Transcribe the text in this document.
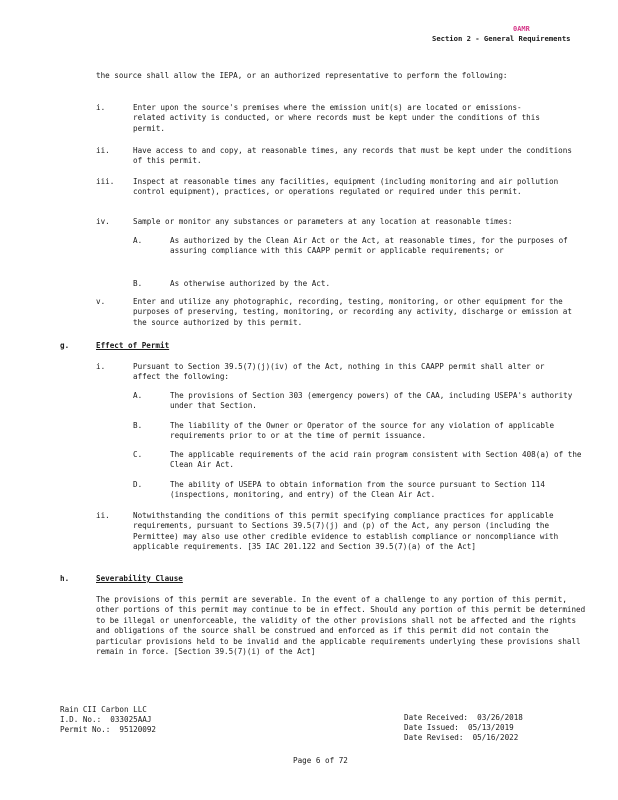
0AMR
Section 2 - General Requirements
the source shall allow the IEPA, or an authorized representative to perform the following:
i.	Enter upon the source's premises where the emission unit(s) are located or emissions-related activity is conducted, or where records must be kept under the conditions of this permit.
ii.	Have access to and copy, at reasonable times, any records that must be kept under the conditions of this permit.
iii. Inspect at reasonable times any facilities, equipment (including monitoring and air pollution control equipment), practices, or operations regulated or required under this permit.
iv.	Sample or monitor any substances or parameters at any location at reasonable times:
A.	As authorized by the Clean Air Act or the Act, at reasonable times, for the purposes of assuring compliance with this CAAPP permit or applicable requirements; or
B.	As otherwise authorized by the Act.
v.	Enter and utilize any photographic, recording, testing, monitoring, or other equipment for the purposes of preserving, testing, monitoring, or recording any activity, discharge or emission at the source authorized by this permit.
g.	Effect of Permit
i.	Pursuant to Section 39.5(7)(j)(iv) of the Act, nothing in this CAAPP permit shall alter or affect the following:
A.	The provisions of Section 303 (emergency powers) of the CAA, including USEPA's authority under that Section.
B.	The liability of the Owner or Operator of the source for any violation of applicable requirements prior to or at the time of permit issuance.
C.	The applicable requirements of the acid rain program consistent with Section 408(a) of the Clean Air Act.
D.	The ability of USEPA to obtain information from the source pursuant to Section 114 (inspections, monitoring, and entry) of the Clean Air Act.
ii.	Notwithstanding the conditions of this permit specifying compliance practices for applicable requirements, pursuant to Sections 39.5(7)(j) and (p) of the Act, any person (including the Permittee) may also use other credible evidence to establish compliance or noncompliance with applicable requirements. [35 IAC 201.122 and Section 39.5(7)(a) of the Act]
h.	Severability Clause
The provisions of this permit are severable. In the event of a challenge to any portion of this permit, other portions of this permit may continue to be in effect. Should any portion of this permit be determined to be illegal or unenforceable, the validity of the other provisions shall not be affected and the rights and obligations of the source shall be construed and enforced as if this permit did not contain the particular provisions held to be invalid and the applicable requirements underlying these provisions shall remain in force. [Section 39.5(7)(i) of the Act]
Rain CII Carbon LLC
I.D. No.:  033025AAJ
Permit No.:  95120092
Date Received:  03/26/2018
Date Issued:  05/13/2019
Date Revised:  05/16/2022
Page 6 of 72
